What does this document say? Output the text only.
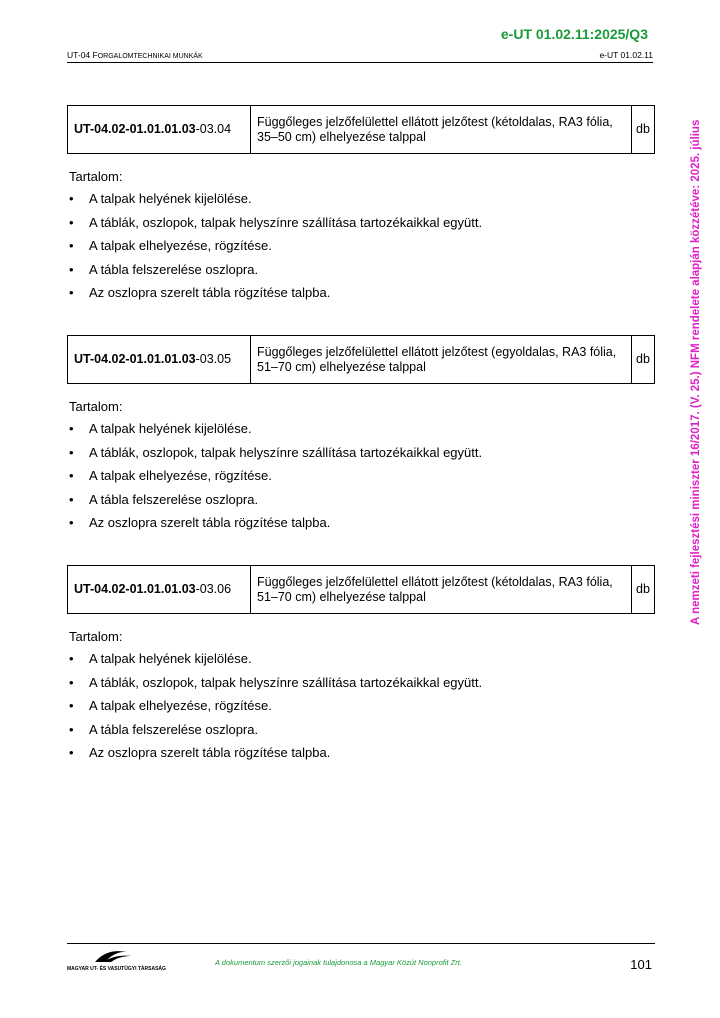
e-UT 01.02.11:2025/Q3
UT-04 FORGALOMTECHNIKAI MUNKÁK	e-UT 01.02.11
A nemzeti fejlesztési miniszter 16/2017. (V. 25.) NFM rendelete alapján közzétéve: 2025. július
UT-04.02-01.01.01.03-03.04	Függőleges jelzőfelülettel ellátott jelzőtest (kétoldalas, RA3 fólia, 35–50 cm) elhelyezése talppal	db
Tartalom:
• A talpak helyének kijelölése.
• A táblák, oszlopok, talpak helyszínre szállítása tartozékaikkal együtt.
• A talpak elhelyezése, rögzítése.
• A tábla felszerelése oszlopra.
• Az oszlopra szerelt tábla rögzítése talpba.
UT-04.02-01.01.01.03-03.05	Függőleges jelzőfelülettel ellátott jelzőtest (egyoldalas, RA3 fólia, 51–70 cm) elhelyezése talppal	db
Tartalom:
• A talpak helyének kijelölése.
• A táblák, oszlopok, talpak helyszínre szállítása tartozékaikkal együtt.
• A talpak elhelyezése, rögzítése.
• A tábla felszerelése oszlopra.
• Az oszlopra szerelt tábla rögzítése talpba.
UT-04.02-01.01.01.03-03.06	Függőleges jelzőfelülettel ellátott jelzőtest (kétoldalas, RA3 fólia, 51–70 cm) elhelyezése talppal	db
Tartalom:
• A talpak helyének kijelölése.
• A táblák, oszlopok, talpak helyszínre szállítása tartozékaikkal együtt.
• A talpak elhelyezése, rögzítése.
• A tábla felszerelése oszlopra.
• Az oszlopra szerelt tábla rögzítése talpba.
MAGYAR UT- ÉS VASUTÜGYI TÁRSASÁG
A dokumentum szerzői jogainak tulajdonosa a Magyar Közút Nonprofit Zrt.	101
